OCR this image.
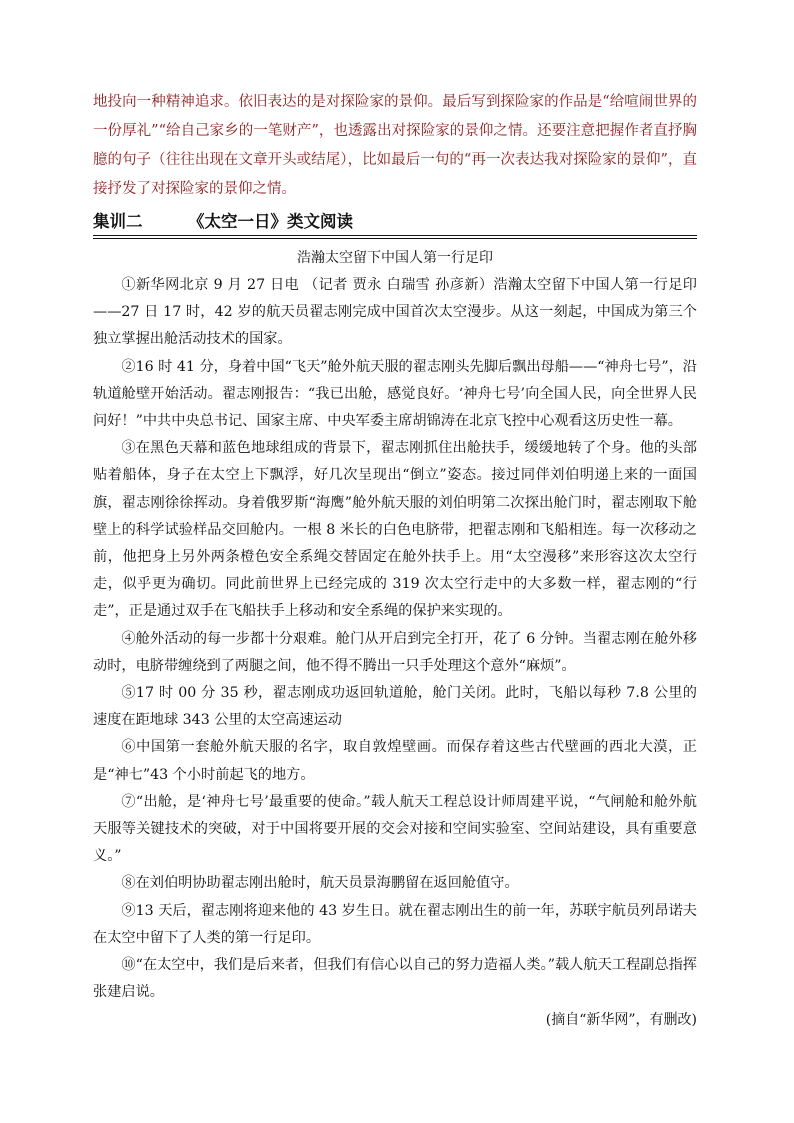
地投向一种精神追求。依旧表达的是对探险家的景仰。最后写到探险家的作品是“给喧闹世界的一份厚礼”“给自己家乡的一笔财产”，也透露出对探险家的景仰之情。还要注意把握作者直抒胸臆的句子（往往出现在文章开头或结尾），比如最后一句的“再一次表达我对探险家的景仰”，直接抒发了对探险家的景仰之情。

集训二	《太空一日》类文阅读
浩瀚太空留下中国人第一行足印

①新华网北京 9 月 27 日电 （记者 贾永 白瑞雪 孙彦新）浩瀚太空留下中国人第一行足印——27 日 17 时，42 岁的航天员翟志刚完成中国首次太空漫步。从这一刻起，中国成为第三个独立掌握出舱活动技术的国家。

②16 时 41 分，身着中国“飞天”舱外航天服的翟志刚头先脚后飘出母船——“神舟七号”，沿轨道舱壁开始活动。翟志刚报告：“我已出舱，感觉良好。‘神舟七号’向全国人民，向全世界人民问好！”中共中央总书记、国家主席、中央军委主席胡锦涛在北京飞控中心观看这历史性一幕。

③在黑色天幕和蓝色地球组成的背景下，翟志刚抓住出舱扶手，缓缓地转了个身。他的头部贴着船体，身子在太空上下飘浮，好几次呈现出“倒立”姿态。接过同伴刘伯明递上来的一面国旗，翟志刚徐徐挥动。身着俄罗斯“海鹰”舱外航天服的刘伯明第二次探出舱门时，翟志刚取下舱壁上的科学试验样品交回舱内。一根 8 米长的白色电脐带，把翟志刚和飞船相连。每一次移动之前，他把身上另外两条橙色安全系绳交替固定在舱外扶手上。用“太空漫移”来形容这次太空行走，似乎更为确切。同此前世界上已经完成的 319 次太空行走中的大多数一样，翟志刚的“行走”，正是通过双手在飞船扶手上移动和安全系绳的保护来实现的。

④舱外活动的每一步都十分艰难。舱门从开启到完全打开，花了 6 分钟。当翟志刚在舱外移动时，电脐带缠绕到了两腿之间，他不得不腾出一只手处理这个意外“麻烦”。

⑤17 时 00 分 35 秒，翟志刚成功返回轨道舱，舱门关闭。此时，飞船以每秒 7.8 公里的速度在距地球 343 公里的太空高速运动

⑥中国第一套舱外航天服的名字，取自敦煌壁画。而保存着这些古代壁画的西北大漠，正是“神七”43 个小时前起飞的地方。

⑦“出舱，是‘神舟七号’最重要的使命。”载人航天工程总设计师周建平说，“气闸舱和舱外航天服等关键技术的突破，对于中国将要开展的交会对接和空间实验室、空间站建设，具有重要意义。”

⑧在刘伯明协助翟志刚出舱时，航天员景海鹏留在返回舱值守。

⑨13 天后，翟志刚将迎来他的 43 岁生日。就在翟志刚出生的前一年，苏联宇航员列昂诺夫在太空中留下了人类的第一行足印。

⑩“在太空中，我们是后来者，但我们有信心以自己的努力造福人类。”载人航天工程副总指挥张建启说。

(摘自“新华网”，有删改)
